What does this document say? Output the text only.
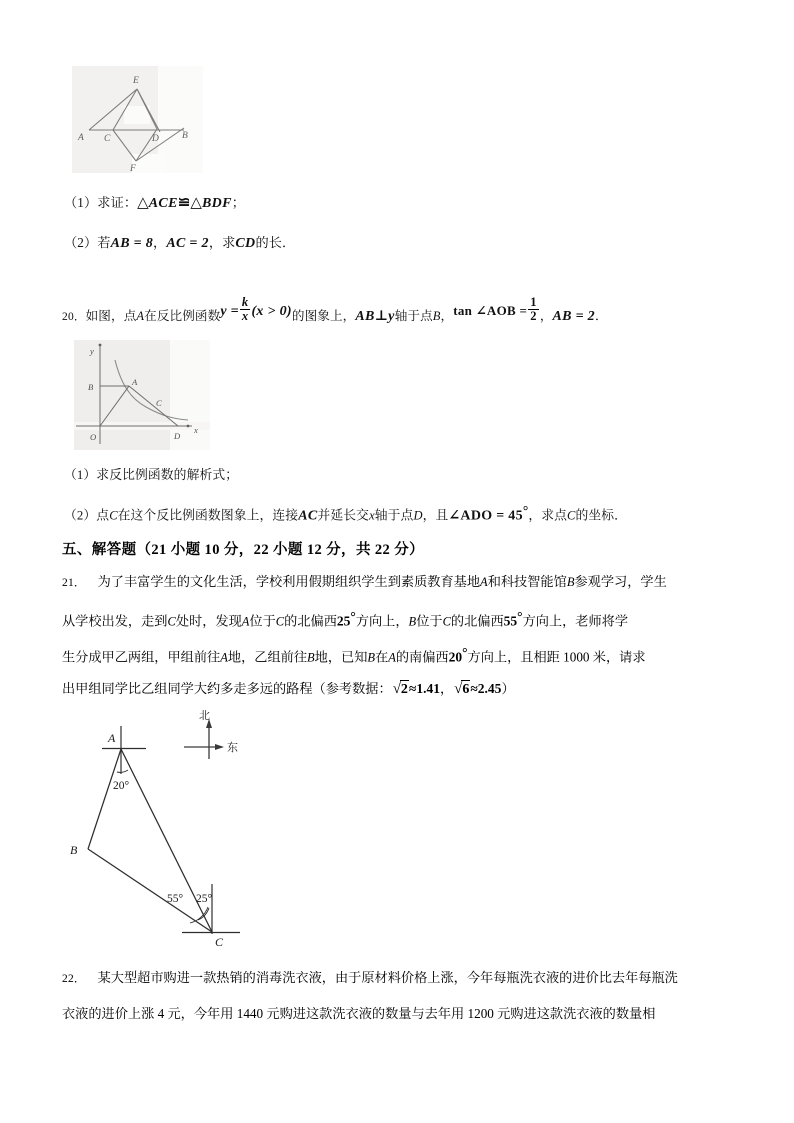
E
A C	D B
F
（1）求证：△ACE≌△BDF；
（2）若AB = 8，AC = 2，求CD的长．
20．如图，点A在反比例函数$y = \frac{k}{x} (x > 0)$的图象上，AB⊥y轴于点B，tan ∠AOB = $\frac{1}{2}$ ，AB = 2．
y
B	A
C
O	D
x
（1）求反比例函数的解析式；
（2）点C在这个反比例函数图象上，连接AC并延长交x轴于点D，且∠ADO = 45°，求点C的坐标．
五、解答题（21 小题 10 分，22 小题 12 分，共 22 分）
21． 为了丰富学生的文化生活，学校利用假期组织学生到素质教育基地A和科技智能馆B参观学习，学生
从学校出发，走到C处时，发现A位于C的北偏西25°方向上，B位于C的北偏西55°方向上，老师将学
生分成甲乙两组，甲组前往A地，乙组前往B地，已知B在A的南偏西20°方向上，且相距 1000 米，请求
出甲组同学比乙组同学大约多走多远的路程（参考数据：√2≈1.41，√6≈2.45）
北
东
A
B
C
20°
55° 25°
22． 某大型超市购进一款热销的消毒洗衣液，由于原材料价格上涨，今年每瓶洗衣液的进价比去年每瓶洗
衣液的进价上涨 4 元，今年用 1440 元购进这款洗衣液的数量与去年用 1200 元购进这款洗衣液的数量相
